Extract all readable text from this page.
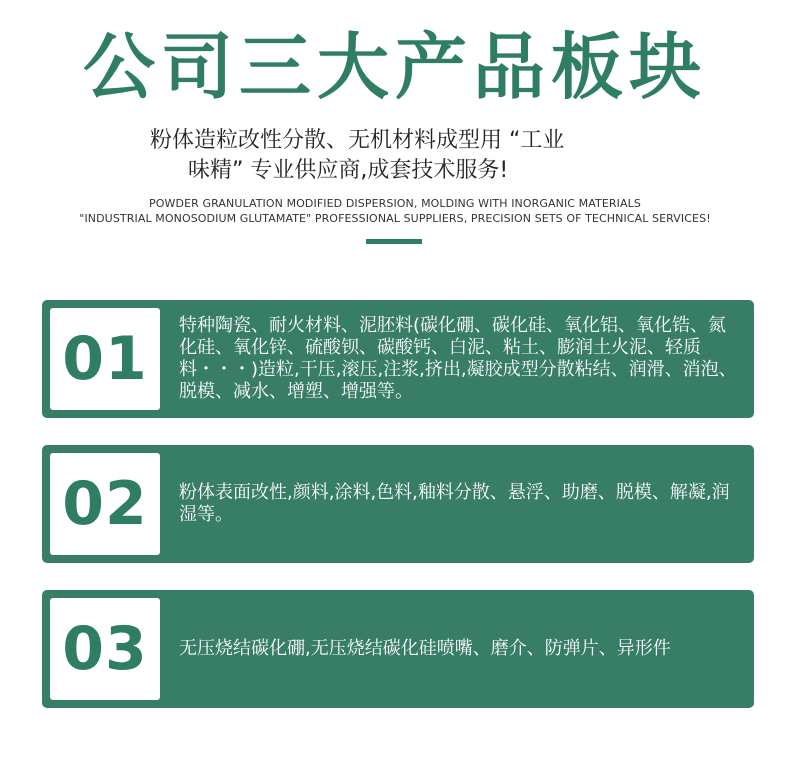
公司三大产品板块
粉体造粒改性分散、无机材料成型用 “工业
味精” 专业供应商,成套技术服务!
POWDER GRANULATION MODIFIED DISPERSION, MOLDING WITH INORGANIC MATERIALS
"INDUSTRIAL MONOSODIUM GLUTAMATE" PROFESSIONAL SUPPLIERS, PRECISION SETS OF TECHNICAL SERVICES!
01	特种陶瓷、耐火材料、泥胚料(碳化硼、碳化硅、氧化铝、氧化锆、氮化硅、氧化锌、硫酸钡、碳酸钙、白泥、粘土、膨润土火泥、轻质料・・・)造粒,干压,滚压,注浆,挤出,凝胶成型分散粘结、润滑、消泡、脱模、减水、增塑、增强等。
02	粉体表面改性,颜料,涂料,色料,釉料分散、悬浮、助磨、脱模、解凝,润湿等。
03	无压烧结碳化硼,无压烧结碳化硅喷嘴、磨介、防弹片、异形件
